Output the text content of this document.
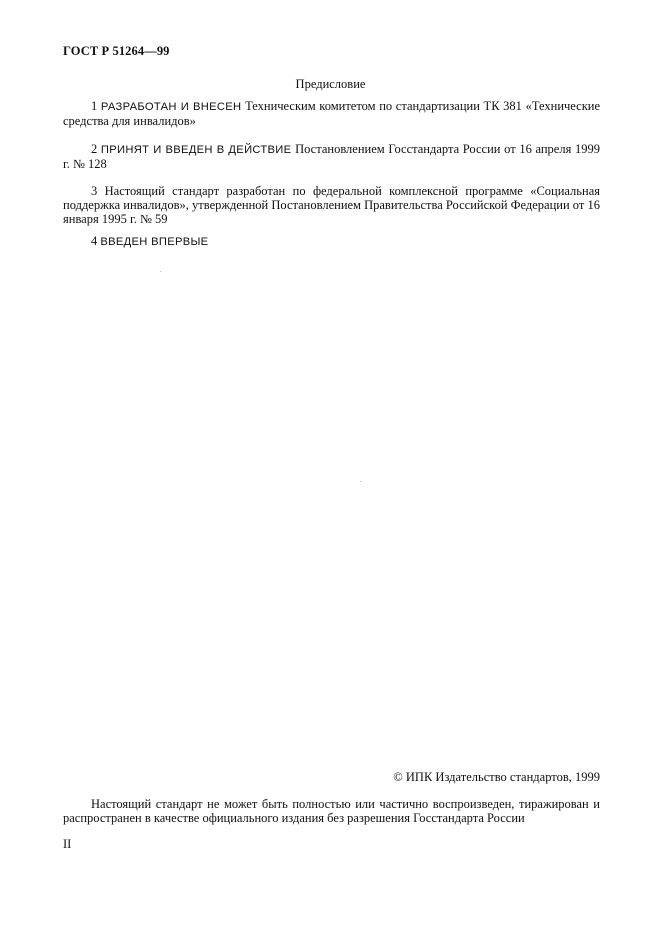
ГОСТ Р 51264—99
Предисловие
1 РАЗРАБОТАН И ВНЕСЕН Техническим комитетом по стандартизации ТК 381 «Технические средства для инвалидов»
2 ПРИНЯТ И ВВЕДЕН В ДЕЙСТВИЕ Постановлением Госстандарта России от 16 апреля 1999 г. № 128
3 Настоящий стандарт разработан по федеральной комплексной программе «Социальная поддержка инвалидов», утвержденной Постановлением Правительства Российской Федерации от 16 января 1995 г. № 59
4 ВВЕДЕН ВПЕРВЫЕ
© ИПК Издательство стандартов, 1999
Настоящий стандарт не может быть полностью или частично воспроизведен, тиражирован и распространен в качестве официального издания без разрешения Госстандарта России
II
